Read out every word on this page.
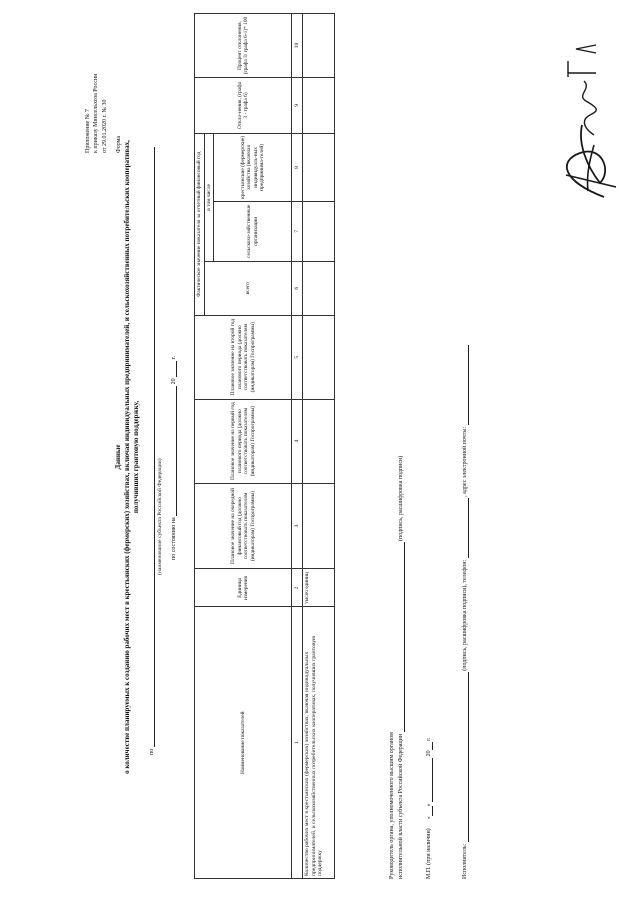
Приложение № 7 к приказу Минсельхоза России от 29.01.2020 г. № 30 Форма
Данные о количестве планируемых к созданию рабочих мест в крестьянских (фермерских) хозяйствах, включая индивидуальных предпринимателей, и сельскохозяйственных потребительских кооперативах, получивших грантовую поддержку,
по
(наименование субъекта Российской Федерации)	по состоянию на  20  г.
Наименование показателей	Единица измерения	Плановое значение на очередной финансовый год (должно соответствовать показателям (индикаторам) Госпрограммы)	Плановое значение на первый год планового периода (должно соответствовать показателям (индикаторам) Госпрограммы)	Плановое значение на второй год планового периода (должно соответствовать показателям (индикаторам) Госпрограммы)	Фактическое значение показателя за отчетный финансовый год			Откло-нения, (графа 3 - графа 6)	Процент отклонения, (графа 3/ графа 6-1)* 100
					всего	в том числе			
						сельскохо-зяйственные организации	крестьянские (фермерские) хозяйства (включая индивидуаль-ных предпринима-телей)		
1	2	3	4	5	6	7	8	9	10
Количество рабочих мест в крестьянских (фермерских) хозяйствах, включая индивидуальных предпринимателей, и сельскохозяйственных потребительских кооперативах, получивших грантовую поддержку	тысяч единиц								
Руководитель органа, уполномоченного высшим органом исполнительной власти субъекта Российской Федерации  (подпись, расшифровка подписи)
М.П. (при наличии)      «»  20 г.
Исполнитель:  (подпись, расшифровка подписи), телефон:  , адрес электронной почты:
